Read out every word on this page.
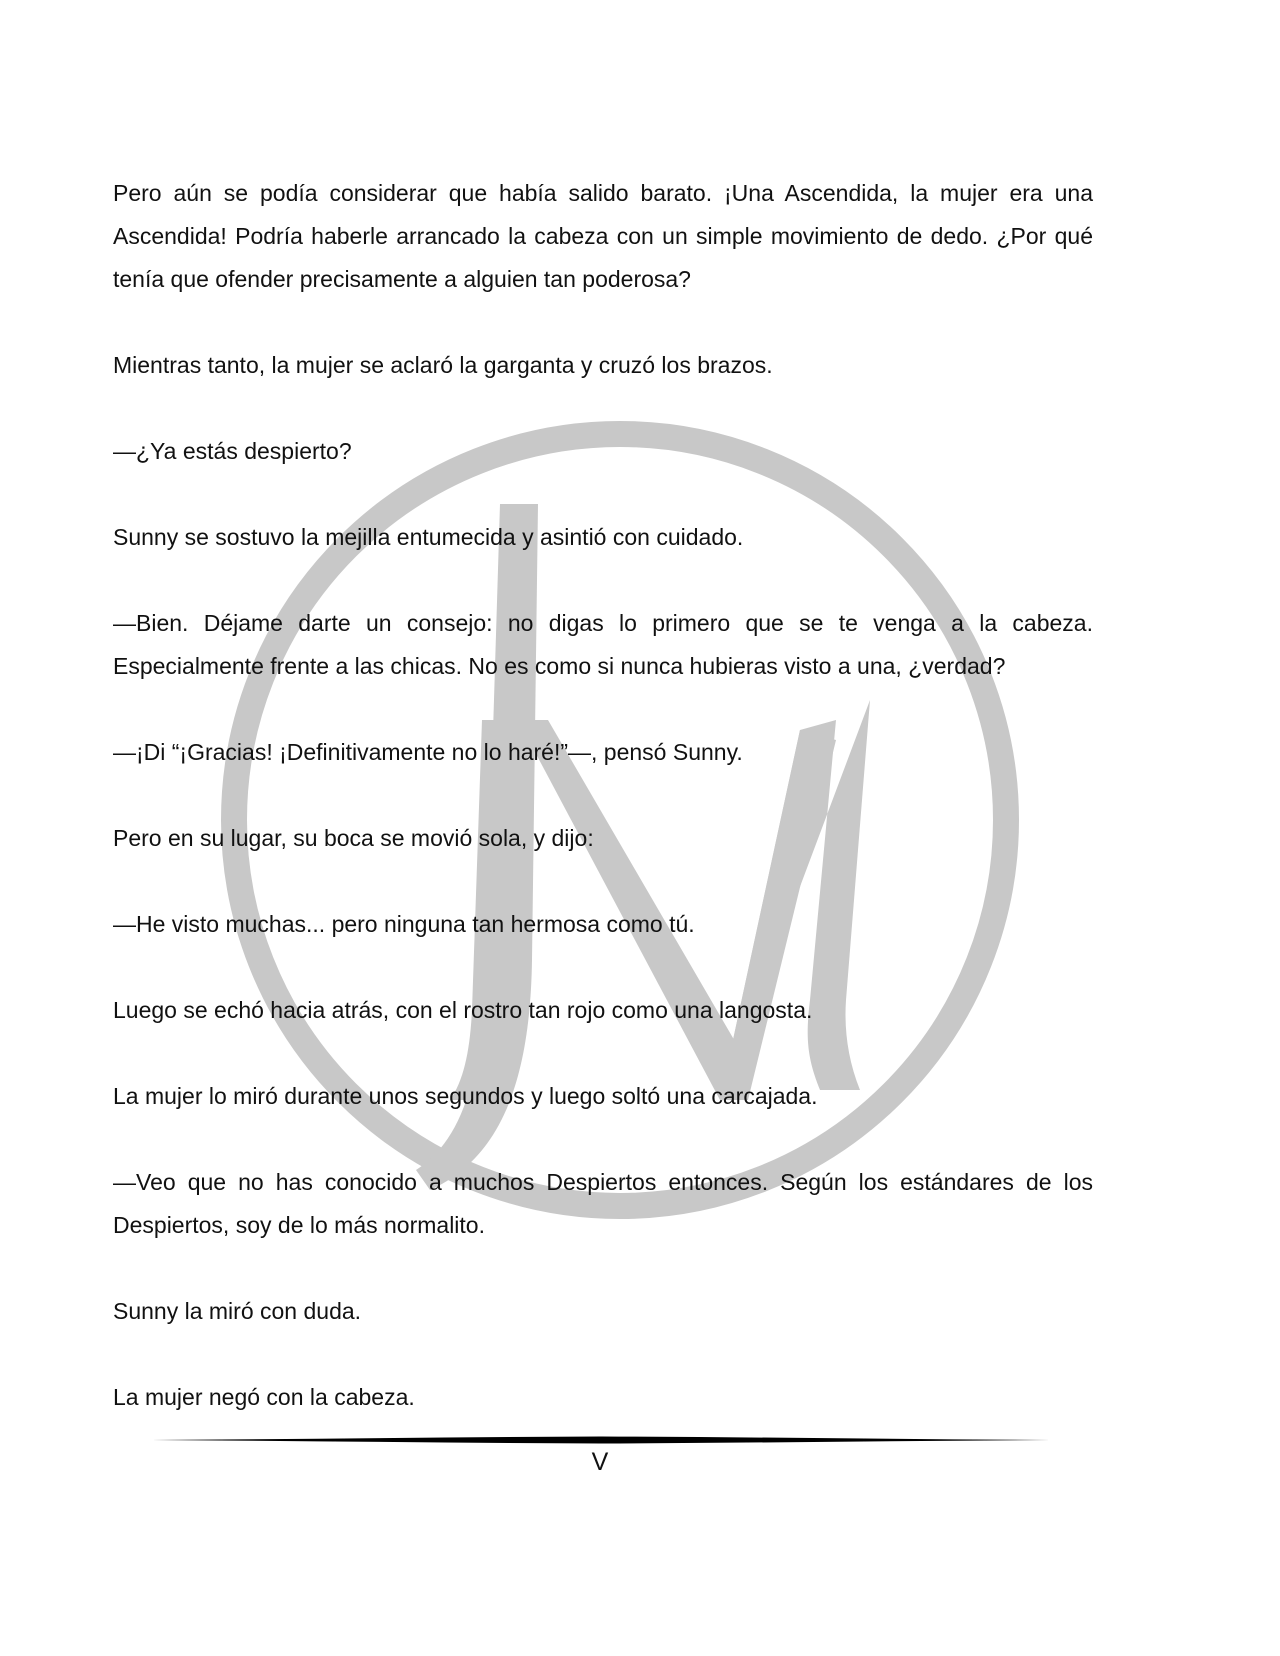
Pero aún se podía considerar que había salido barato. ¡Una Ascendida, la mujer era una Ascendida! Podría haberle arrancado la cabeza con un simple movimiento de dedo. ¿Por qué tenía que ofender precisamente a alguien tan poderosa?

Mientras tanto, la mujer se aclaró la garganta y cruzó los brazos.

—¿Ya estás despierto?

Sunny se sostuvo la mejilla entumecida y asintió con cuidado.

—Bien. Déjame darte un consejo: no digas lo primero que se te venga a la cabeza. Especialmente frente a las chicas. No es como si nunca hubieras visto a una, ¿verdad?

—¡Di “¡Gracias! ¡Definitivamente no lo haré!”—, pensó Sunny.

Pero en su lugar, su boca se movió sola, y dijo:

—He visto muchas... pero ninguna tan hermosa como tú.

Luego se echó hacia atrás, con el rostro tan rojo como una langosta.

La mujer lo miró durante unos segundos y luego soltó una carcajada.

—Veo que no has conocido a muchos Despiertos entonces. Según los estándares de los Despiertos, soy de lo más normalito.

Sunny la miró con duda.

La mujer negó con la cabeza.

V
